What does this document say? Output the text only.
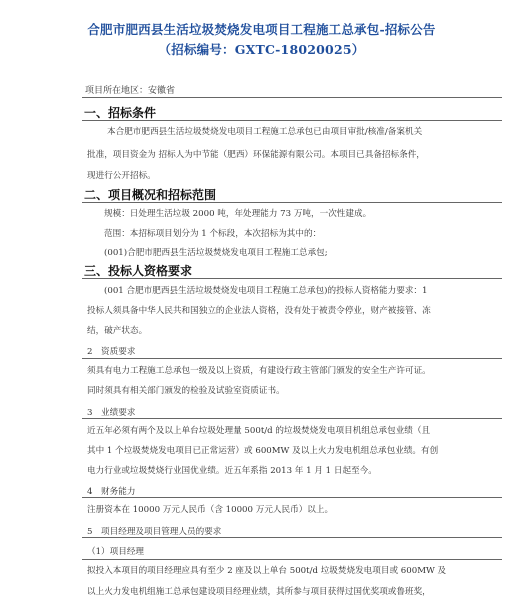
合肥市肥西县生活垃圾焚烧发电项目工程施工总承包-招标公告
（招标编号：GXTC-18020025）
项目所在地区：安徽省
一、招标条件
本合肥市肥西县生活垃圾焚烧发电项目工程施工总承包已由项目审批/核准/备案机关
批准，项目资金为 招标人为中节能（肥西）环保能源有限公司。本项目已具备招标条件，
现进行公开招标。
二、项目概况和招标范围
规模：日处理生活垃圾 2000 吨，年处理能力 73 万吨，一次性建成。
范围：本招标项目划分为 1 个标段，本次招标为其中的：
(001)合肥市肥西县生活垃圾焚烧发电项目工程施工总承包;
三、投标人资格要求
(001 合肥市肥西县生活垃圾焚烧发电项目工程施工总承包)的投标人资格能力要求：1
投标人须具备中华人民共和国独立的企业法人资格，没有处于被责令停业，财产被接管、冻
结，破产状态。
2　资质要求
须具有电力工程施工总承包一级及以上资质，有建设行政主管部门颁发的安全生产许可证。
同时须具有相关部门颁发的检验及试验室资质证书。
3　业绩要求
近五年必须有两个及以上单台垃圾处理量 500t/d 的垃圾焚烧发电项目机组总承包业绩（且
其中 1 个垃圾焚烧发电项目已正常运营）或 600MW 及以上火力发电机组总承包业绩。有创
电力行业或垃圾焚烧行业国优业绩。近五年系指 2013 年 1 月 1 日起至今。
4　财务能力
注册资本在 10000 万元人民币（含 10000 万元人民币）以上。
5　项目经理及项目管理人员的要求
（1）项目经理
拟投入本项目的项目经理应具有至少 2 座及以上单台 500t/d 垃圾焚烧发电项目或 600MW 及
以上火力发电机组施工总承包建设项目经理业绩，其所参与项目获得过国优奖项或鲁班奖，
